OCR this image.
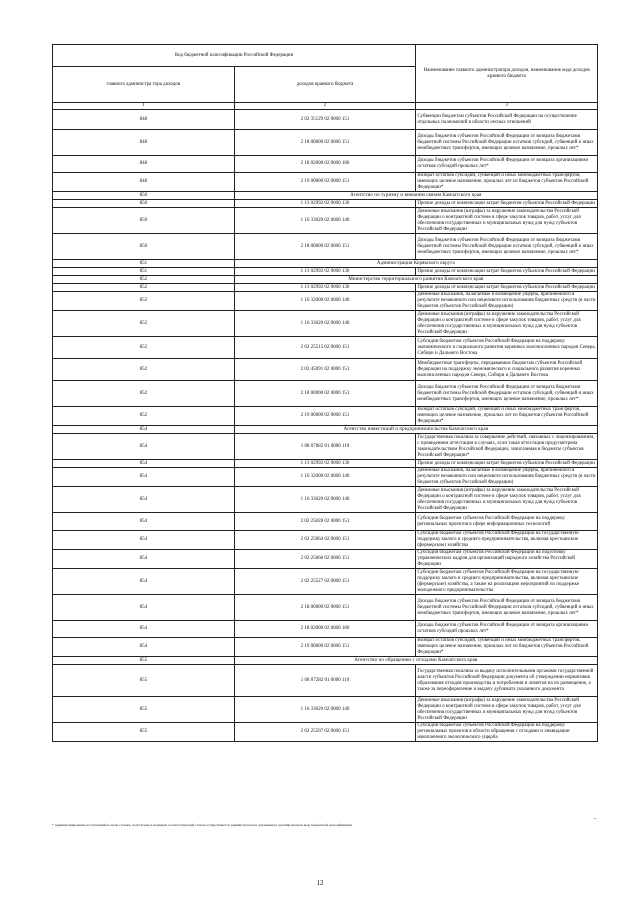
Код бюджетной классификации Российской Федерации		Наименование главного администратора доходов, наименование кода доходов краевого бюджета
главного администра тора доходов	доходов краевого бюджета	
1	2	3
848	2 02 35129 02 0000 151	Субвенции бюджетам субъектов Российской Федерации на осуществление отдельных полномочий в области лесных отношений
848	2 18 00000 02 0000 151	Доходы бюджетов субъектов Российской Федерации от возврата бюджетами бюджетной системы Российской Федерации остатков субсидий, субвенций и иных межбюджетных трансфертов, имеющих целевое назначение, прошлых лет*
848	2 18 02000 02 0000 180	Доходы бюджетов субъектов Российской Федерации от возврата организациями остатков субсидий прошлых лет*
848	2 19 00000 02 0000 151	Возврат остатков субсидий, субвенций и иных межбюджетных трансфертов, имеющих целевое назначение, прошлых лет из бюджетов субъектов Российской Федерации*
850	Агентство по туризму и внешним связям Камчатского края	
850	1 13 02992 02 0000 130	Прочие доходы от компенсации затрат бюджетов субъектов Российской Федерации
850	1 16 33020 02 0000 140	Денежные взыскания (штрафы) за нарушение законодательства Российской Федерации о контрактной системе в сфере закупок товаров, работ, услуг для обеспечения государственных и муниципальных нужд для нужд субъектов Российской Федерации
850	2 18 00000 02 0000 151	Доходы бюджетов субъектов Российской Федерации от возврата бюджетами бюджетной системы Российской Федерации остатков субсидий, субвенций и иных межбюджетных трансфертов, имеющих целевое назначение, прошлых лет*
851	Администрация Корякского округа	
851	1 13 02992 02 0000 130	Прочие доходы от компенсации затрат бюджетов субъектов Российской Федерации
852	Министерство территориального развития Камчатского края	
852	1 13 02992 02 0000 130	Прочие доходы от компенсации затрат бюджетов субъектов Российской Федерации
852	1 16 32000 02 0000 140	Денежные взыскания, налагаемые в возмещение ущерба, причиненного в результате незаконного или нецелевого использования бюджетных средств (в части бюджетов субъектов Российской Федерации)
852	1 16 33020 02 0000 140	Денежные взыскания (штрафы) за нарушение законодательства Российской Федерации о контрактной системе в сфере закупок товаров, работ, услуг для обеспечения государственных и муниципальных нужд для нужд субъектов Российской Федерации
852	2 02 25515 02 0000 151	Субсидии бюджетам субъектов Российской Федерации на поддержку экономического и социального развития коренных малочисленных народов Севера, Сибири и Дальнего Востока
852	2 02 45091 02 0000 151	Межбюджетные трансферты, передаваемые бюджетам субъектов Российской Федерации на поддержку экономического и социального развития коренных малочисленных народов Севера, Сибири и Дальнего Востока
852	2 18 00000 02 0000 151	Доходы бюджетов субъектов Российской Федерации от возврата бюджетами бюджетной системы Российской Федерации остатков субсидий, субвенций и иных межбюджетных трансфертов, имеющих целевое назначение, прошлых лет*
852	2 19 00000 02 0000 151	Возврат остатков субсидий, субвенций и иных межбюджетных трансфертов, имеющих целевое назначение, прошлых лет из бюджетов субъектов Российской Федерации*
854	Агентство инвестиций и предпринимательства Камчатского края	
854	1 08 07082 01 0000 110	Государственная пошлина за совершение действий, связанных с лицензированием, с проведением аттестации в случаях, если такая аттестация предусмотрена законодательством Российской Федерации, зачисляемая в бюджеты субъектов Российской Федерации*
854	1 13 02992 02 0000 130	Прочие доходы от компенсации затрат бюджетов субъектов Российской Федерации
854	1 16 32000 02 0000 140	Денежные взыскания, налагаемые в возмещение ущерба, причиненного в результате незаконного или нецелевого использования бюджетных средств (в части бюджетов субъектов Российской Федерации)
854	1 16 33020 02 0000 140	Денежные взыскания (штрафы) за нарушение законодательства Российской Федерации о контрактной системе в сфере закупок товаров, работ, услуг для обеспечения государственных и муниципальных нужд для нужд субъектов Российской Федерации
854	2 02 25028 02 0000 151	Субсидии бюджетам субъектов Российской Федерации на поддержку региональных проектов в сфере информационных технологий
854	2 02 25064 02 0000 151	Субсидии бюджетам субъектов Российской Федерации на государственную поддержку малого и среднего предпринимательства, включая крестьянские (фермерские) хозяйства
854	2 02 25066 02 0000 151	Субсидии бюджетам субъектов Российской Федерации на подготовку управленческих кадров для организаций народного хозяйства Российской Федерации
854	2 02 25527 02 0000 151	Субсидии бюджетам субъектов Российской Федерации на государственную поддержку малого и среднего предпринимательства, включая крестьянские (фермерские) хозяйства, а также на реализацию мероприятий по поддержке молодежного предпринимательства
854	2 18 00000 02 0000 151	Доходы бюджетов субъектов Российской Федерации от возврата бюджетами бюджетной системы Российской Федерации остатков субсидий, субвенций и иных межбюджетных трансфертов, имеющих целевое назначение, прошлых лет*
854	2 18 02000 02 0000 180	Доходы бюджетов субъектов Российской Федерации от возврата организациями остатков субсидий прошлых лет*
854	2 19 00000 02 0000 151	Возврат остатков субсидий, субвенций и иных межбюджетных трансфертов, имеющих целевое назначение, прошлых лет из бюджетов субъектов Российской Федерации*
855	Агентство по обращению с отходами Камчатского края	
855	1 08 07282 01 0000 110	Государственная пошлина за выдачу исполнительными органами государственной власти субъектов Российской Федерации документа об утверждении нормативов образования отходов производства и потребления и лимитов на их размещение, а также за переоформление и выдачу дубликата указанного документа
855	1 16 33020 02 0000 140	Денежные взыскания (штрафы) за нарушение законодательства Российской Федерации о контрактной системе в сфере закупок товаров, работ, услуг для обеспечения государственных и муниципальных нужд для нужд субъектов Российской Федерации
855	2 02 25507 02 0000 151	Субсидии бюджетам субъектов Российской Федерации на поддержку региональных проектов в области обращения с отходами и ликвидации накопленного экологического ущерба
* Администрирование поступлений по всем статьям, подстатьям и подвидам соответствующей статьи осуществляется администратором, указанным в группировочном коде бюджетной классификации
-
12
